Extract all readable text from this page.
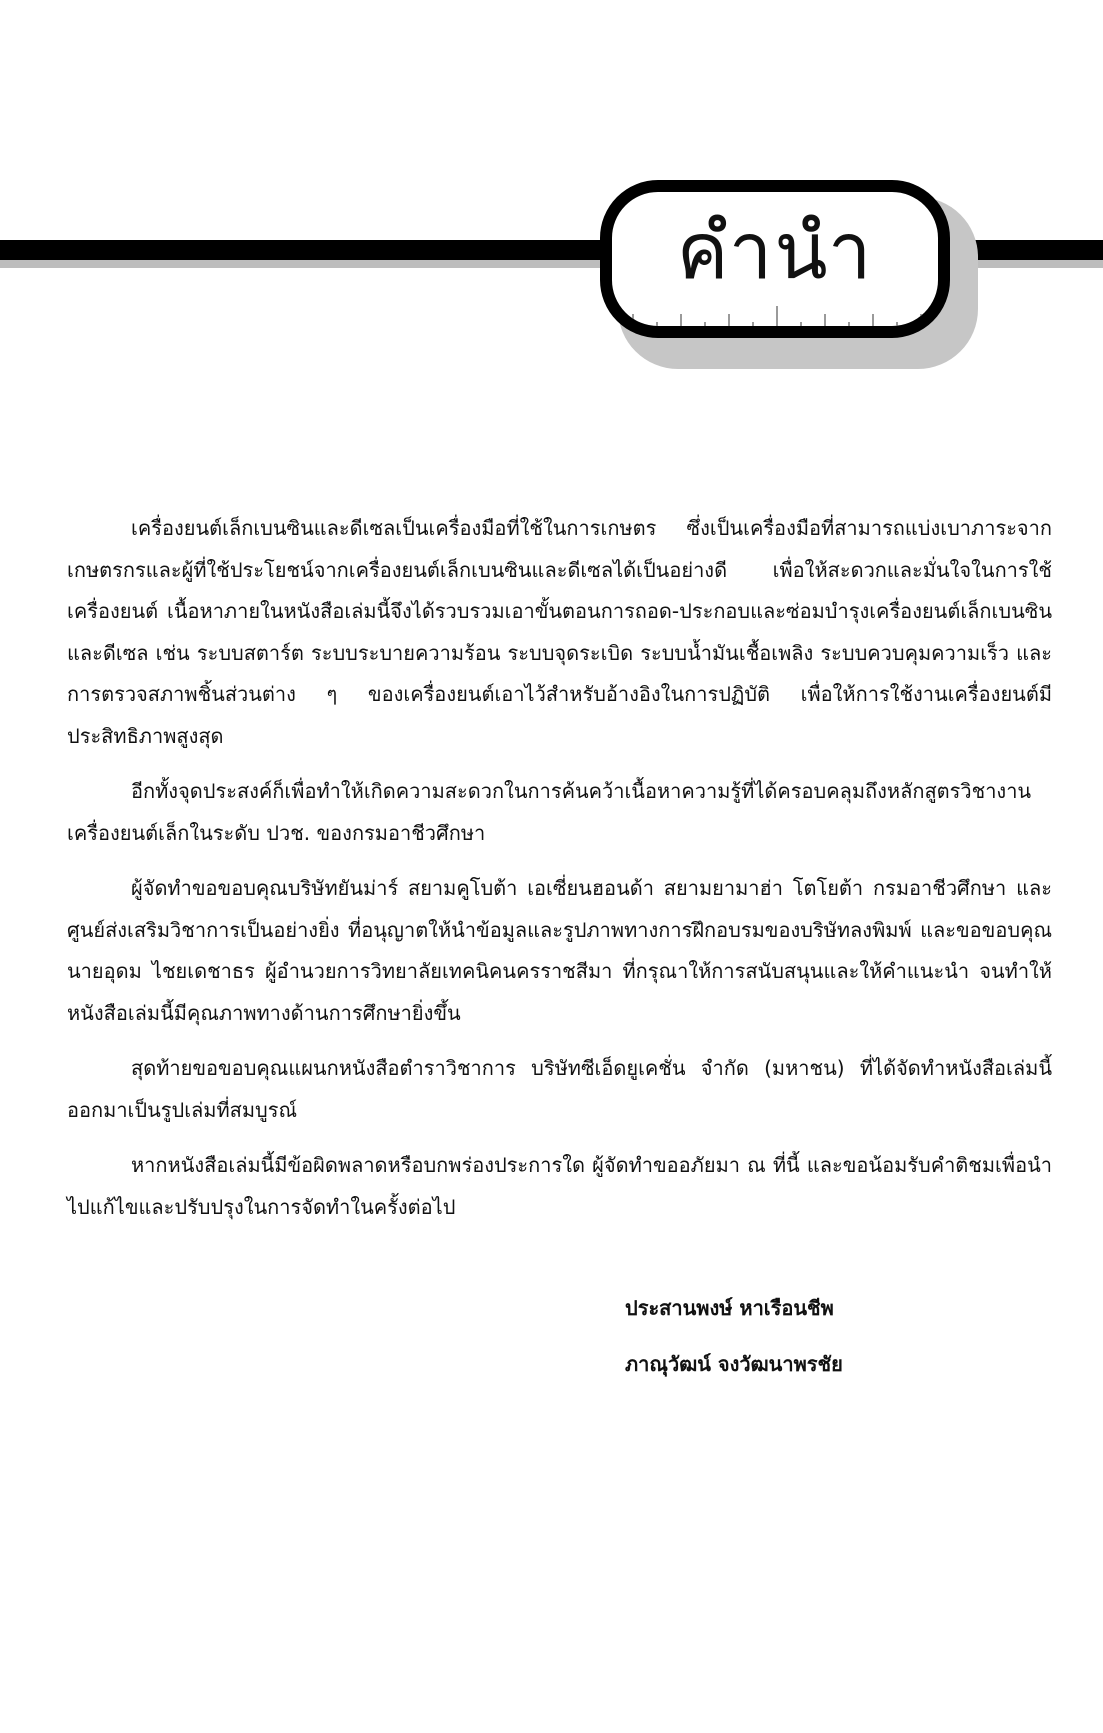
คำนำ

เครื่องยนต์เล็กเบนซินและดีเซลเป็นเครื่องมือที่ใช้ในการเกษตร ซึ่งเป็นเครื่องมือที่สามารถแบ่งเบาภาระจากเกษตรกรและผู้ที่ใช้ประโยชน์จากเครื่องยนต์เล็กเบนซินและดีเซลได้เป็นอย่างดี เพื่อให้สะดวกและมั่นใจในการใช้เครื่องยนต์ เนื้อหาภายในหนังสือเล่มนี้จึงได้รวบรวมเอาขั้นตอนการถอด-ประกอบและซ่อมบำรุงเครื่องยนต์เล็กเบนซินและดีเซล เช่น ระบบสตาร์ต ระบบระบายความร้อน ระบบจุดระเบิด ระบบน้ำมันเชื้อเพลิง ระบบควบคุมความเร็ว และการตรวจสภาพชิ้นส่วนต่าง ๆ ของเครื่องยนต์เอาไว้สำหรับอ้างอิงในการปฏิบัติ เพื่อให้การใช้งานเครื่องยนต์มีประสิทธิภาพสูงสุด

อีกทั้งจุดประสงค์ก็เพื่อทำให้เกิดความสะดวกในการค้นคว้าเนื้อหาความรู้ที่ได้ครอบคลุมถึงหลักสูตรวิชางานเครื่องยนต์เล็กในระดับ ปวช. ของกรมอาชีวศึกษา

ผู้จัดทำขอขอบคุณบริษัทยันม่าร์ สยามคูโบต้า เอเซี่ยนฮอนด้า สยามยามาฮ่า โตโยต้า กรมอาชีวศึกษา และศูนย์ส่งเสริมวิชาการเป็นอย่างยิ่ง ที่อนุญาตให้นำข้อมูลและรูปภาพทางการฝึกอบรมของบริษัทลงพิมพ์ และขอขอบคุณนายอุดม ไชยเดชาธร ผู้อำนวยการวิทยาลัยเทคนิคนครราชสีมา ที่กรุณาให้การสนับสนุนและให้คำแนะนำ จนทำให้หนังสือเล่มนี้มีคุณภาพทางด้านการศึกษายิ่งขึ้น

สุดท้ายขอขอบคุณแผนกหนังสือตำราวิชาการ บริษัทซีเอ็ดยูเคชั่น จำกัด (มหาชน) ที่ได้จัดทำหนังสือเล่มนี้ออกมาเป็นรูปเล่มที่สมบูรณ์

หากหนังสือเล่มนี้มีข้อผิดพลาดหรือบกพร่องประการใด ผู้จัดทำขออภัยมา ณ ที่นี้ และขอน้อมรับคำติชมเพื่อนำไปแก้ไขและปรับปรุงในการจัดทำในครั้งต่อไป

ประสานพงษ์ หาเรือนชีพ
ภาณุวัฒน์ จงวัฒนาพรชัย
